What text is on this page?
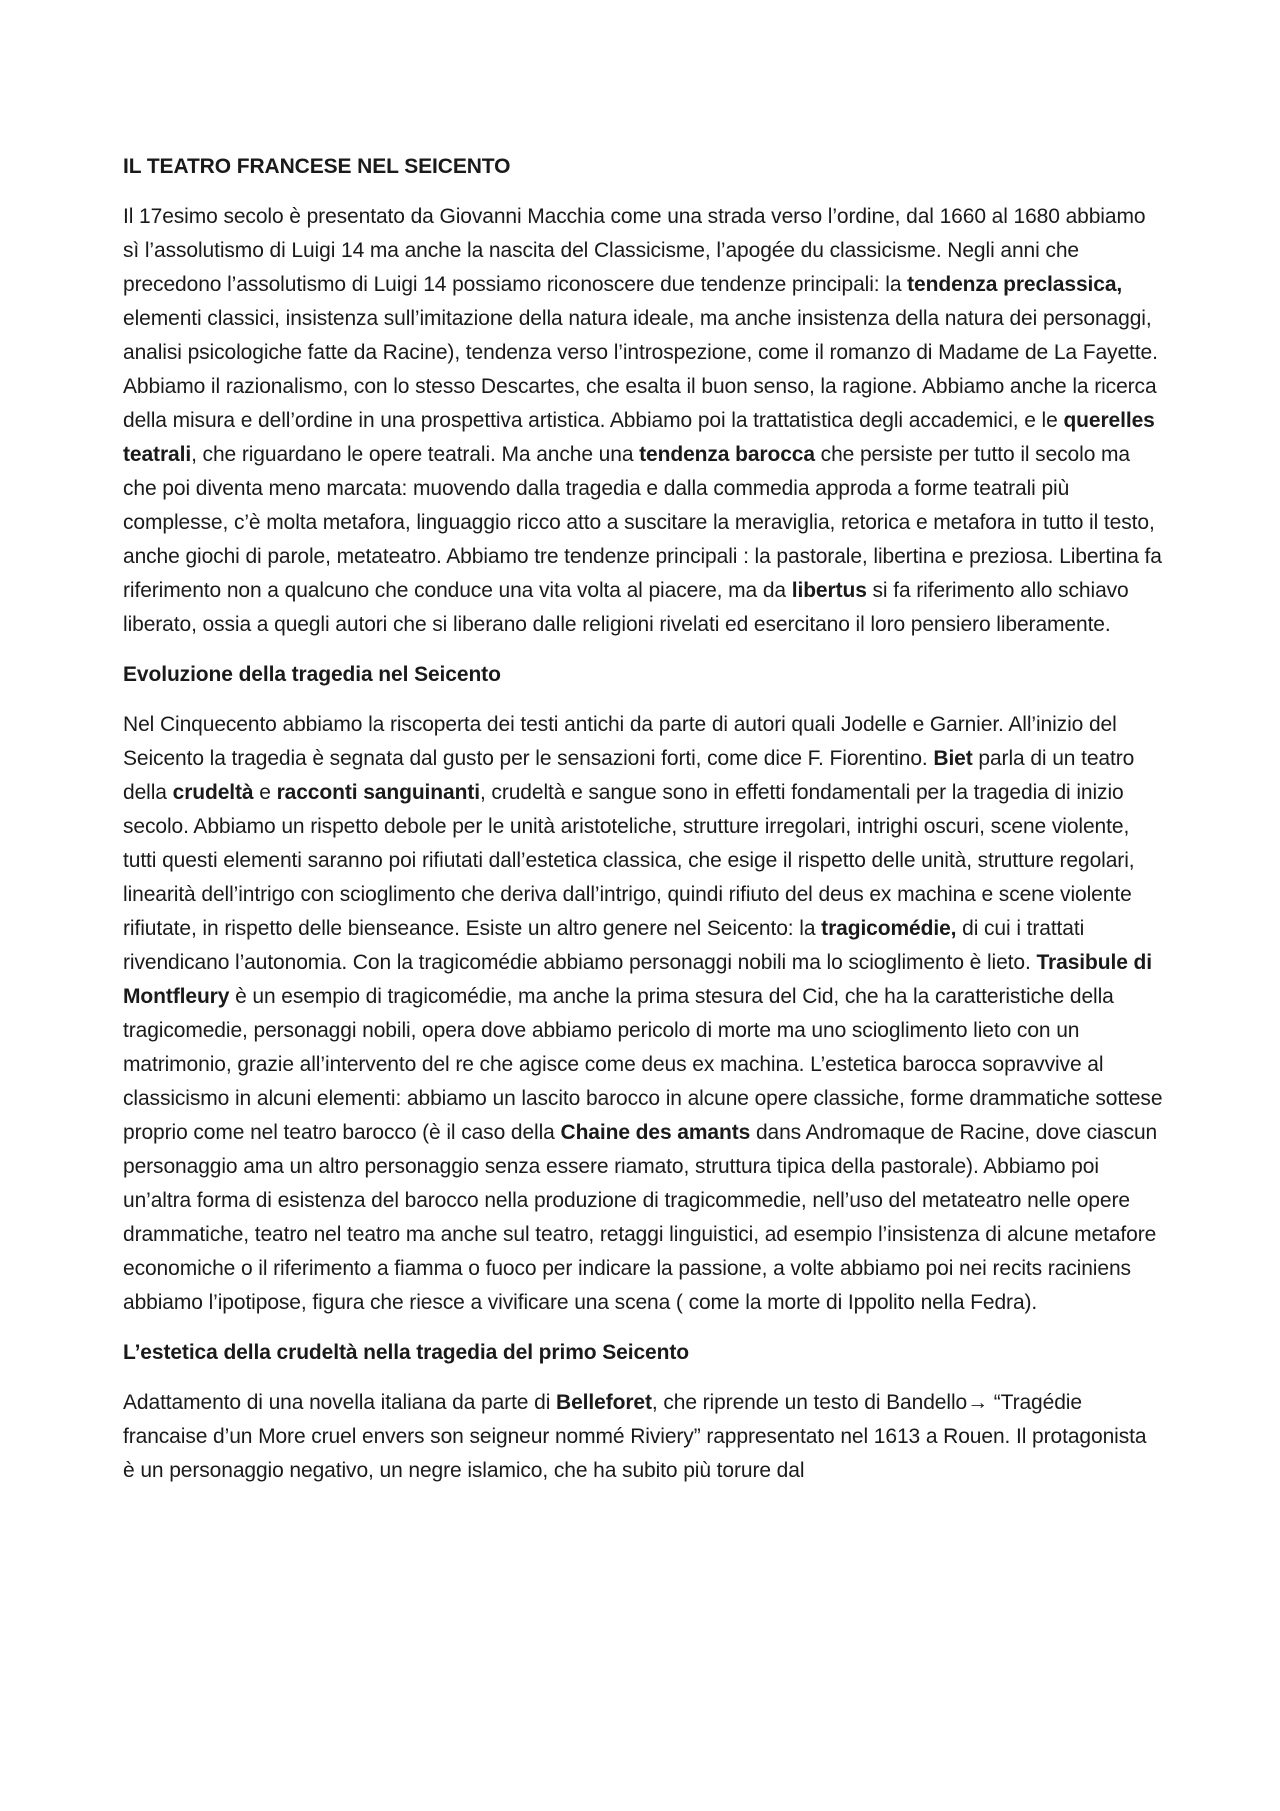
IL TEATRO FRANCESE NEL SEICENTO

Il 17esimo secolo è presentato da Giovanni Macchia come una strada verso l’ordine, dal 1660 al 1680 abbiamo sì l’assolutismo di Luigi 14 ma anche la nascita del Classicisme, l’apogée du classicisme. Negli anni che precedono l’assolutismo di Luigi 14 possiamo riconoscere due tendenze principali: la tendenza preclassica, elementi classici, insistenza sull’imitazione della natura ideale, ma anche insistenza della natura dei personaggi, analisi psicologiche fatte da Racine), tendenza verso l’introspezione, come il romanzo di Madame de La Fayette. Abbiamo il razionalismo, con lo stesso Descartes, che esalta il buon senso, la ragione. Abbiamo anche la ricerca della misura e dell’ordine in una prospettiva artistica. Abbiamo poi la trattatistica degli accademici, e le querelles teatrali, che riguardano le opere teatrali. Ma anche una tendenza barocca che persiste per tutto il secolo ma che poi diventa meno marcata: muovendo dalla tragedia e dalla commedia approda a forme teatrali più complesse, c’è molta metafora, linguaggio ricco atto a suscitare la meraviglia, retorica e metafora in tutto il testo, anche giochi di parole, metateatro. Abbiamo tre tendenze principali : la pastorale, libertina e preziosa. Libertina fa riferimento non a qualcuno che conduce una vita volta al piacere, ma da libertus si fa riferimento allo schiavo liberato, ossia a quegli autori che si liberano dalle religioni rivelati ed esercitano il loro pensiero liberamente.

Evoluzione della tragedia nel Seicento

Nel Cinquecento abbiamo la riscoperta dei testi antichi da parte di autori quali Jodelle e Garnier. All’inizio del Seicento la tragedia è segnata dal gusto per le sensazioni forti, come dice F. Fiorentino. Biet parla di un teatro della crudeltà e racconti sanguinanti, crudeltà e sangue sono in effetti fondamentali per la tragedia di inizio secolo. Abbiamo un rispetto debole per le unità aristoteliche, strutture irregolari, intrighi oscuri, scene violente, tutti questi elementi saranno poi rifiutati dall’estetica classica, che esige il rispetto delle unità, strutture regolari, linearità dell’intrigo con scioglimento che deriva dall’intrigo, quindi rifiuto del deus ex machina e scene violente rifiutate, in rispetto delle bienseance. Esiste un altro genere nel Seicento: la tragicomédie, di cui i trattati rivendicano l’autonomia. Con la tragicomédie abbiamo personaggi nobili ma lo scioglimento è lieto. Trasibule di Montfleury è un esempio di tragicomédie, ma anche la prima stesura del Cid, che ha la caratteristiche della tragicomedie, personaggi nobili, opera dove abbiamo pericolo di morte ma uno scioglimento lieto con un matrimonio, grazie all’intervento del re che agisce come deus ex machina. L’estetica barocca sopravvive al classicismo in alcuni elementi: abbiamo un lascito barocco in alcune opere classiche, forme drammatiche sottese proprio come nel teatro barocco (è il caso della Chaine des amants dans Andromaque de Racine, dove ciascun personaggio ama un altro personaggio senza essere riamato, struttura tipica della pastorale). Abbiamo poi un’altra forma di esistenza del barocco nella produzione di tragicommedie, nell’uso del metateatro nelle opere drammatiche, teatro nel teatro ma anche sul teatro, retaggi linguistici, ad esempio l’insistenza di alcune metafore economiche o il riferimento a fiamma o fuoco per indicare la passione, a volte abbiamo poi nei recits raciniens abbiamo l’ipotipose, figura che riesce a vivificare una scena ( come la morte di Ippolito nella Fedra).

L’estetica della crudeltà nella tragedia del primo Seicento

Adattamento di una novella italiana da parte di Belleforet, che riprende un testo di Bandello→ “Tragédie francaise d’un More cruel envers son seigneur nommé Riviery” rappresentato nel 1613 a Rouen. Il protagonista è un personaggio negativo, un negre islamico, che ha subito più torure dal
